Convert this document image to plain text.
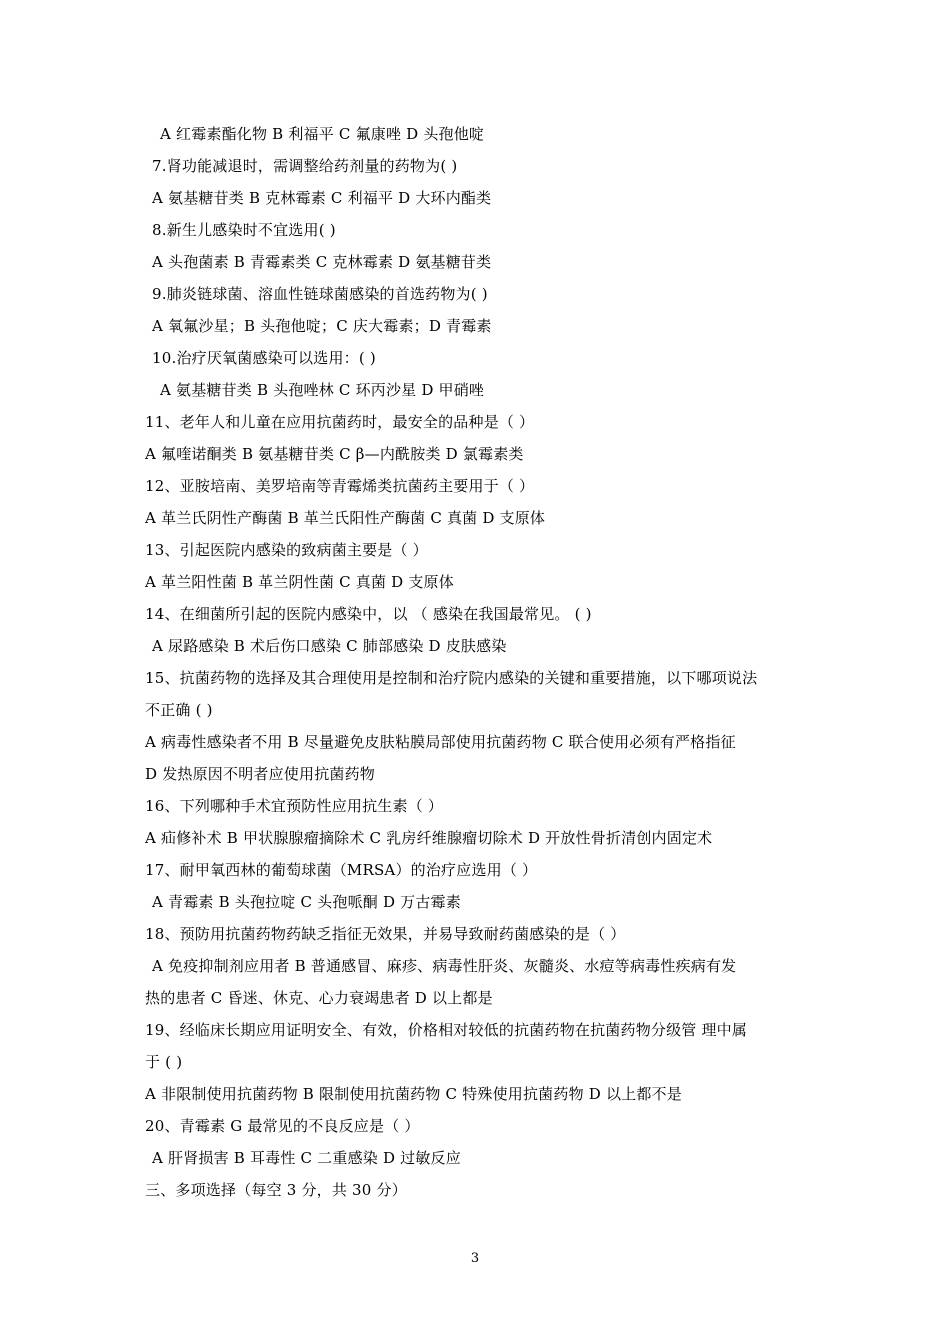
A 红霉素酯化物 B 利福平 C 氟康唑 D 头孢他啶
7.肾功能减退时，需调整给药剂量的药物为( )
A 氨基糖苷类 B 克林霉素 C 利福平 D 大环内酯类
8.新生儿感染时不宜选用( )
A 头孢菌素 B 青霉素类 C 克林霉素 D 氨基糖苷类
9.肺炎链球菌、溶血性链球菌感染的首选药物为( )
A 氧氟沙星；B 头孢他啶；C 庆大霉素；D 青霉素
10.治疗厌氧菌感染可以选用：( )
A 氨基糖苷类 B 头孢唑林 C 环丙沙星 D 甲硝唑
11、老年人和儿童在应用抗菌药时，最安全的品种是（ ）
A 氟喹诺酮类 B 氨基糖苷类 C β—内酰胺类 D 氯霉素类
12、亚胺培南、美罗培南等青霉烯类抗菌药主要用于（ ）
A 革兰氏阴性产酶菌 B 革兰氏阳性产酶菌 C 真菌 D 支原体
13、引起医院内感染的致病菌主要是（ ）
A 革兰阳性菌 B 革兰阴性菌 C 真菌 D 支原体
14、在细菌所引起的医院内感染中，以 （ 感染在我国最常见。 ( )
A 尿路感染 B 术后伤口感染 C 肺部感染 D 皮肤感染
15、抗菌药物的选择及其合理使用是控制和治疗院内感染的关键和重要措施，以下哪项说法
不正确 ( )
A 病毒性感染者不用 B 尽量避免皮肤粘膜局部使用抗菌药物 C 联合使用必须有严格指征
D 发热原因不明者应使用抗菌药物
16、下列哪种手术宜预防性应用抗生素（ ）
A 疝修补术 B 甲状腺腺瘤摘除术 C 乳房纤维腺瘤切除术 D 开放性骨折清创内固定术
17、耐甲氧西林的葡萄球菌（MRSA）的治疗应选用（ ）
A 青霉素 B 头孢拉啶 C 头孢哌酮 D 万古霉素
18、预防用抗菌药物药缺乏指征无效果，并易导致耐药菌感染的是（ ）
A 免疫抑制剂应用者 B 普通感冒、麻疹、病毒性肝炎、灰髓炎、水痘等病毒性疾病有发
热的患者 C 昏迷、休克、心力衰竭患者 D 以上都是
19、经临床长期应用证明安全、有效，价格相对较低的抗菌药物在抗菌药物分级管 理中属
于 ( )
A 非限制使用抗菌药物 B 限制使用抗菌药物 C 特殊使用抗菌药物 D 以上都不是
20、青霉素 G 最常见的不良反应是（ ）
A 肝肾损害 B 耳毒性 C 二重感染 D 过敏反应
三、多项选择（每空 3 分，共 30 分）
3
